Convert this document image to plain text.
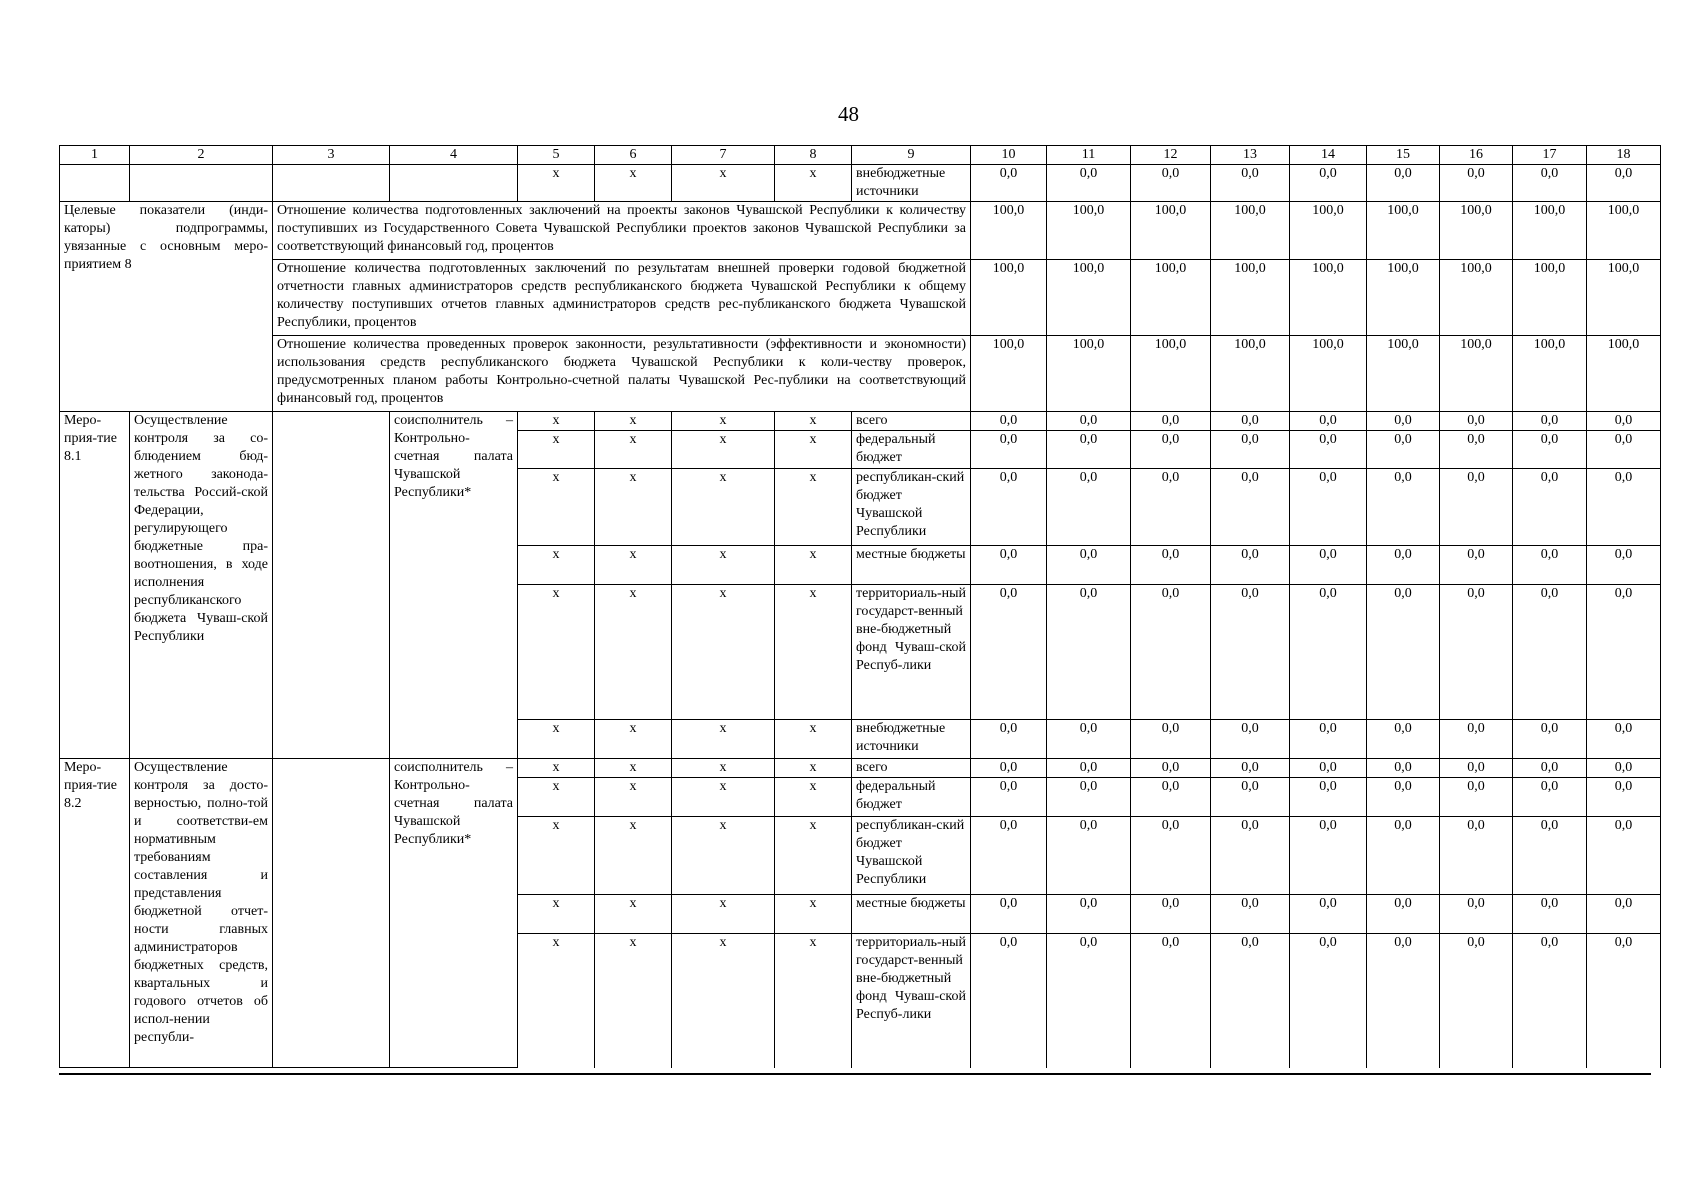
48
1	2	3	4	5	6	7	8	9	10	11	12	13	14	15	16	17	18
				х	х	х	х	внебюджетные источники	0,0	0,0	0,0	0,0	0,0	0,0	0,0	0,0	0,0
Целевые показатели (инди-каторы) подпрограммы, увязанные с основным меро-приятием 8		Отношение количества подготовленных заключений на проекты законов Чувашской Республики к количеству поступивших из Государственного Совета Чувашской Республики проектов законов Чувашской Республики за соответствующий финансовый год, процентов							100,0	100,0	100,0	100,0	100,0	100,0	100,0	100,0	100,0
		Отношение количества подготовленных заключений по результатам внешней проверки годовой бюджетной отчетности главных администраторов средств республиканского бюджета Чувашской Республики к общему количеству поступивших отчетов главных администраторов средств рес-публиканского бюджета Чувашской Республики, процентов							100,0	100,0	100,0	100,0	100,0	100,0	100,0	100,0	100,0
		Отношение количества проведенных проверок законности, результативности (эффективности и экономности) использования средств республиканского бюджета Чувашской Республики к коли-честву проверок, предусмотренных планом работы Контрольно-счетной палаты Чувашской Рес-публики на соответствующий финансовый год, процентов							100,0	100,0	100,0	100,0	100,0	100,0	100,0	100,0	100,0
Меро-прия-тие 8.1	Осуществление контроля за со-блюдением бюд-жетного законода-тельства Россий-ской Федерации, регулирующего бюджетные пра-воотношения, в ходе исполнения республиканского бюджета Чуваш-ской Республики		соисполнитель – Контрольно-счетная палата Чувашской Республики*	х	х	х	х	всего	0,0	0,0	0,0	0,0	0,0	0,0	0,0	0,0	0,0
				х	х	х	х	федеральный бюджет	0,0	0,0	0,0	0,0	0,0	0,0	0,0	0,0	0,0
				х	х	х	х	республикан-ский бюджет Чувашской Республики	0,0	0,0	0,0	0,0	0,0	0,0	0,0	0,0	0,0
				х	х	х	х	местные бюджеты	0,0	0,0	0,0	0,0	0,0	0,0	0,0	0,0	0,0
				х	х	х	х	территориаль-ный государст-венный вне-бюджетный фонд Чуваш-ской Респуб-лики	0,0	0,0	0,0	0,0	0,0	0,0	0,0	0,0	0,0
				х	х	х	х	внебюджетные источники	0,0	0,0	0,0	0,0	0,0	0,0	0,0	0,0	0,0
Меро-прия-тие 8.2	Осуществление контроля за досто-верностью, полно-той и соответстви-ем нормативным требованиям составления и представления бюджетной отчет-ности главных администраторов бюджетных средств, квартальных и годового отчетов об испол-нении республи-		соисполнитель – Контрольно-счетная палата Чувашской Республики*	х	х	х	х	всего	0,0	0,0	0,0	0,0	0,0	0,0	0,0	0,0	0,0
				х	х	х	х	федеральный бюджет	0,0	0,0	0,0	0,0	0,0	0,0	0,0	0,0	0,0
				х	х	х	х	республикан-ский бюджет Чувашской Республики	0,0	0,0	0,0	0,0	0,0	0,0	0,0	0,0	0,0
				х	х	х	х	местные бюджеты	0,0	0,0	0,0	0,0	0,0	0,0	0,0	0,0	0,0
				х	х	х	х	территориаль-ный государст-венный вне-бюджетный фонд Чуваш-ской Респуб-лики	0,0	0,0	0,0	0,0	0,0	0,0	0,0	0,0	0,0
